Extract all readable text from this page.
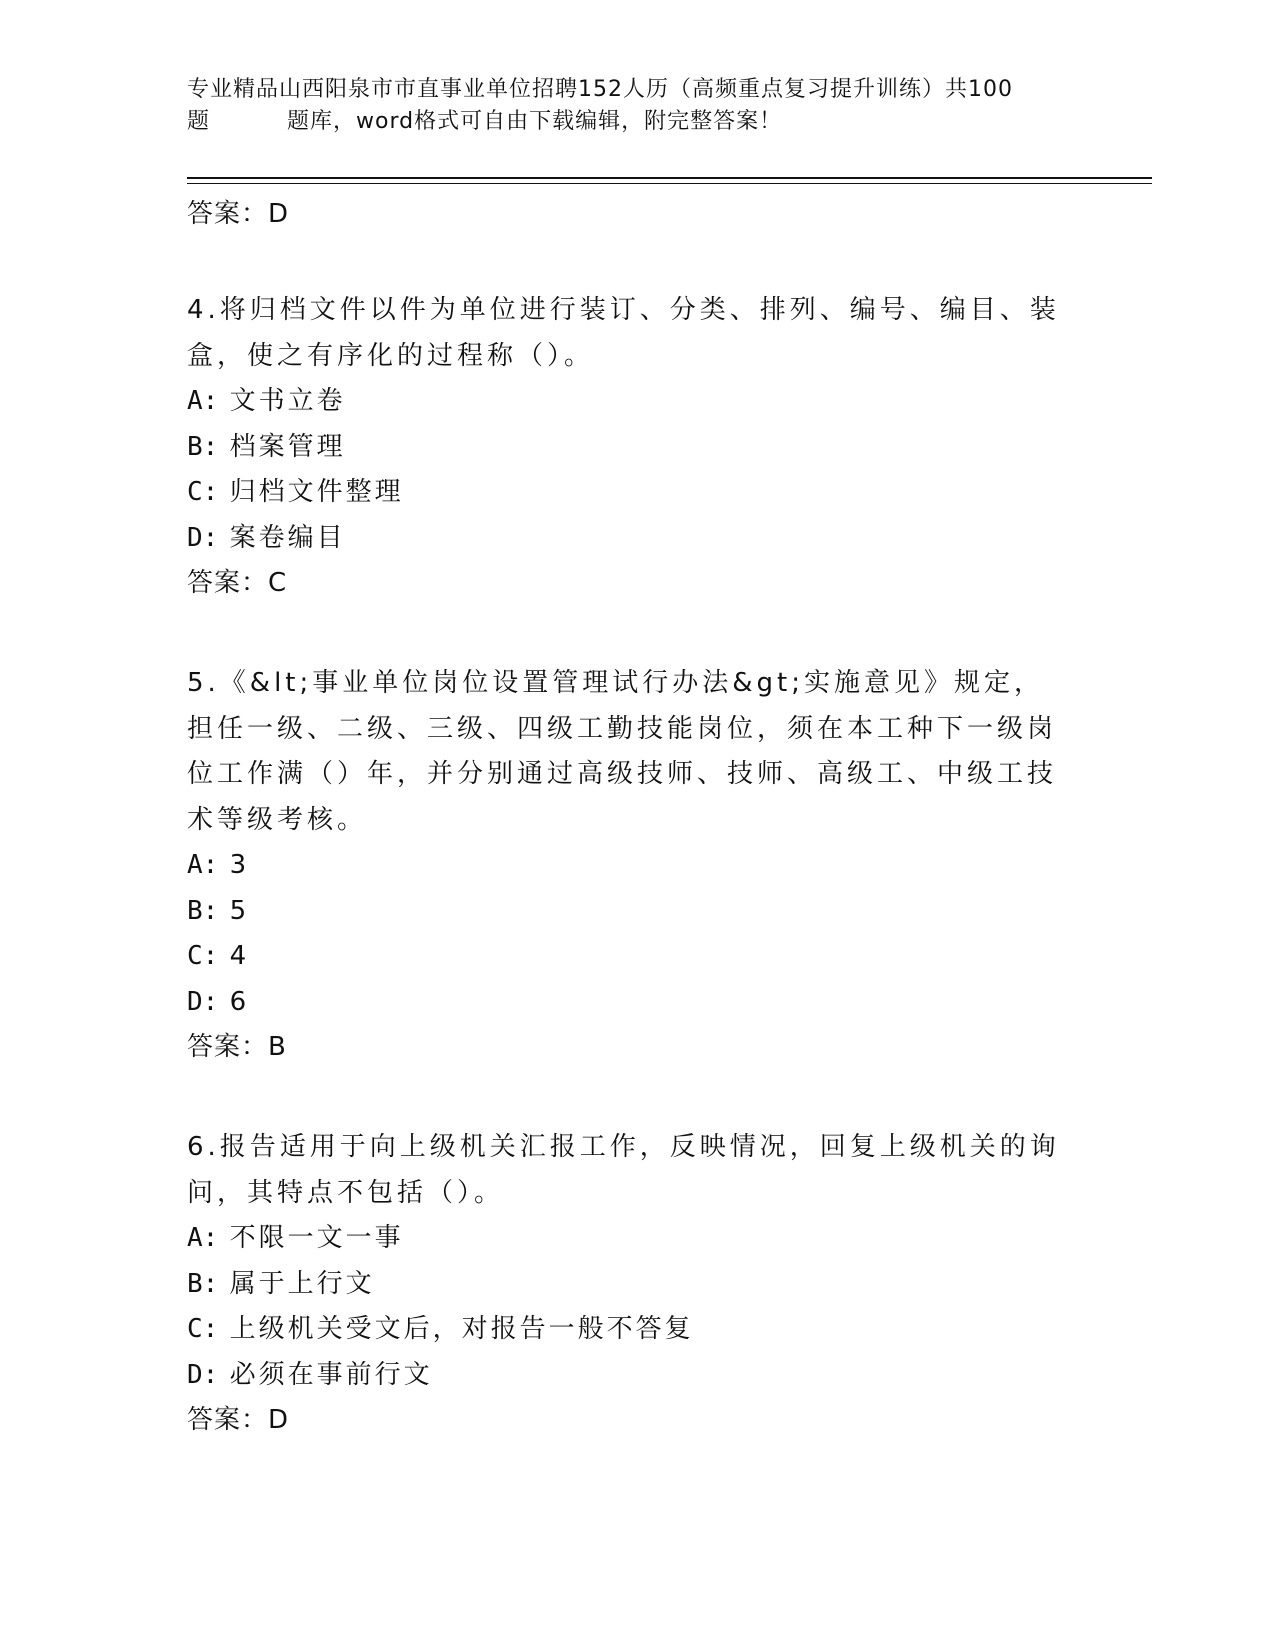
专业精品山西阳泉市市直事业单位招聘152人历（高频重点复习提升训练）共100
题	题库，word格式可自由下载编辑，附完整答案！
答案：D
4.将归档文件以件为单位进行装订、分类、排列、编号、编目、装盒，使之有序化的过程称（）。
A: 文书立卷
B: 档案管理
C: 归档文件整理
D: 案卷编目
答案：C
5.《&lt;事业单位岗位设置管理试行办法&gt;实施意见》规定，担任一级、二级、三级、四级工勤技能岗位，须在本工种下一级岗位工作满（）年，并分别通过高级技师、技师、高级工、中级工技术等级考核。
A: 3
B: 5
C: 4
D: 6
答案：B
6.报告适用于向上级机关汇报工作，反映情况，回复上级机关的询问，其特点不包括（）。
A: 不限一文一事
B: 属于上行文
C: 上级机关受文后，对报告一般不答复
D: 必须在事前行文
答案：D
